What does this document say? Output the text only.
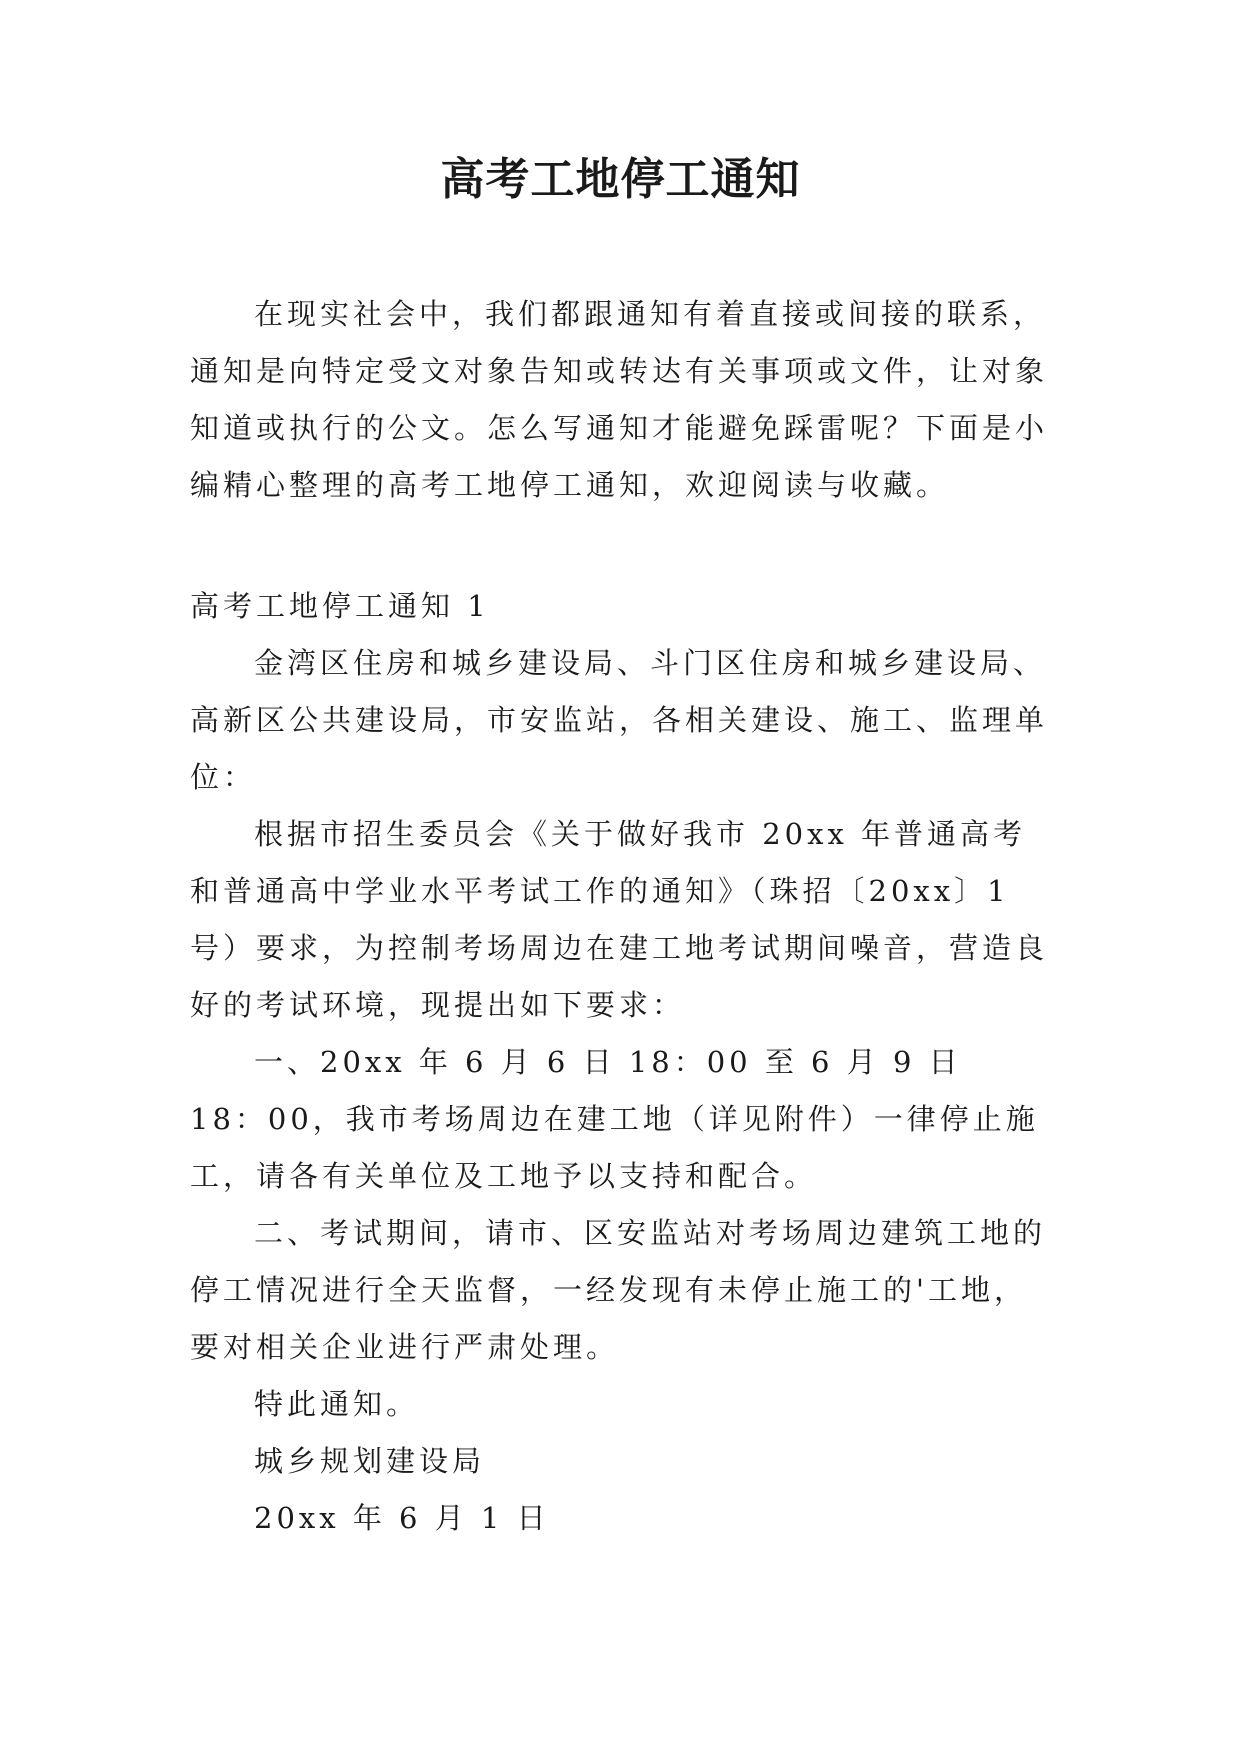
高考工地停工通知

在现实社会中，我们都跟通知有着直接或间接的联系，通知是向特定受文对象告知或转达有关事项或文件，让对象知道或执行的公文。怎么写通知才能避免踩雷呢？下面是小编精心整理的高考工地停工通知，欢迎阅读与收藏。

高考工地停工通知 1

金湾区住房和城乡建设局、斗门区住房和城乡建设局、高新区公共建设局，市安监站，各相关建设、施工、监理单位：

根据市招生委员会《关于做好我市 20xx 年普通高考和普通高中学业水平考试工作的通知》（珠招〔20xx〕1 号）要求，为控制考场周边在建工地考试期间噪音，营造良好的考试环境，现提出如下要求：

一、20xx 年 6 月 6 日 18：00 至 6 月 9 日 18：00，我市考场周边在建工地（详见附件）一律停止施工，请各有关单位及工地予以支持和配合。

二、考试期间，请市、区安监站对考场周边建筑工地的停工情况进行全天监督，一经发现有未停止施工的'工地，要对相关企业进行严肃处理。

特此通知。

城乡规划建设局

20xx 年 6 月 1 日
